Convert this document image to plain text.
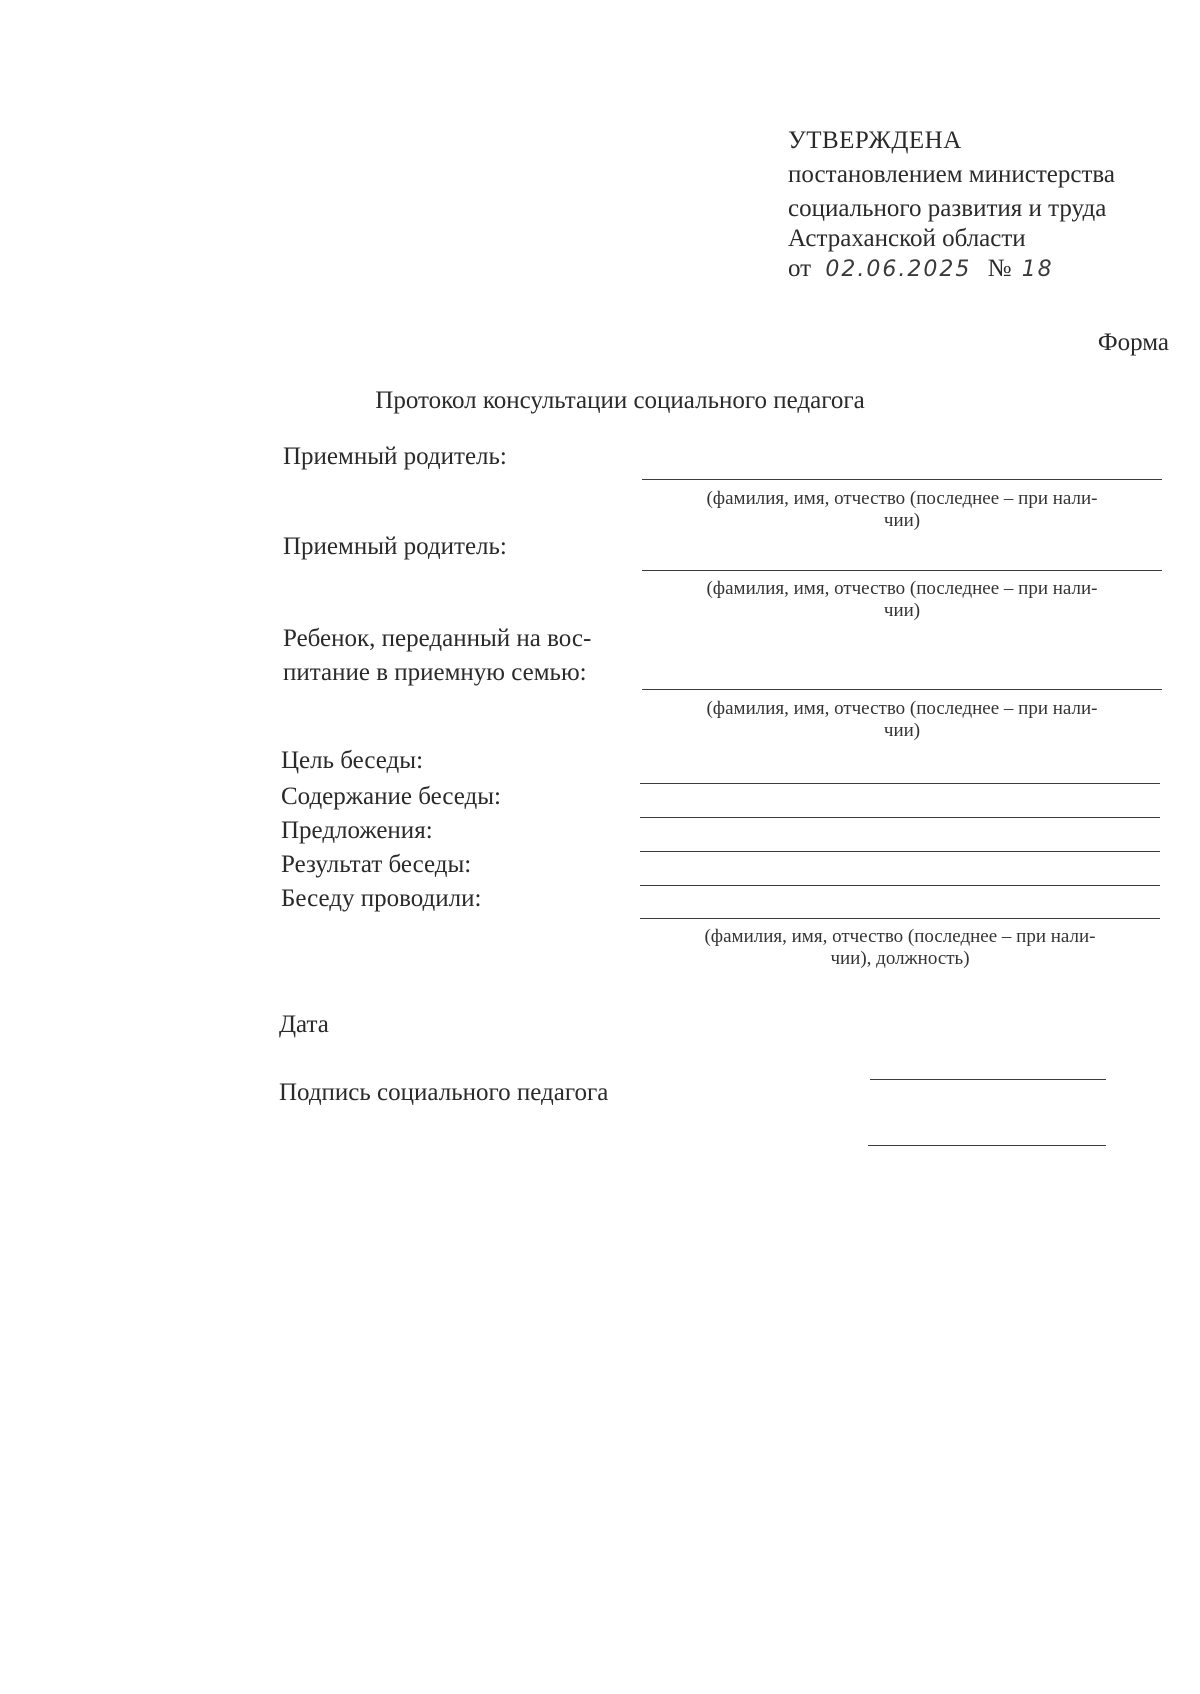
УТВЕРЖДЕНА
постановлением министерства
социального развития и труда
Астраханской области
от 02.06.2025 № 18
Форма
Протокол консультации социального педагога
Приемный родитель:
(фамилия, имя, отчество (последнее – при нали-
чии)
Приемный родитель:
(фамилия, имя, отчество (последнее – при нали-
чии)
Ребенок, переданный на вос-
питание в приемную семью:
(фамилия, имя, отчество (последнее – при нали-
чии)
Цель беседы:
Содержание беседы:
Предложения:
Результат беседы:
Беседу проводили:
(фамилия, имя, отчество (последнее – при нали-
чии), должность)
Дата
Подпись социального педагога
